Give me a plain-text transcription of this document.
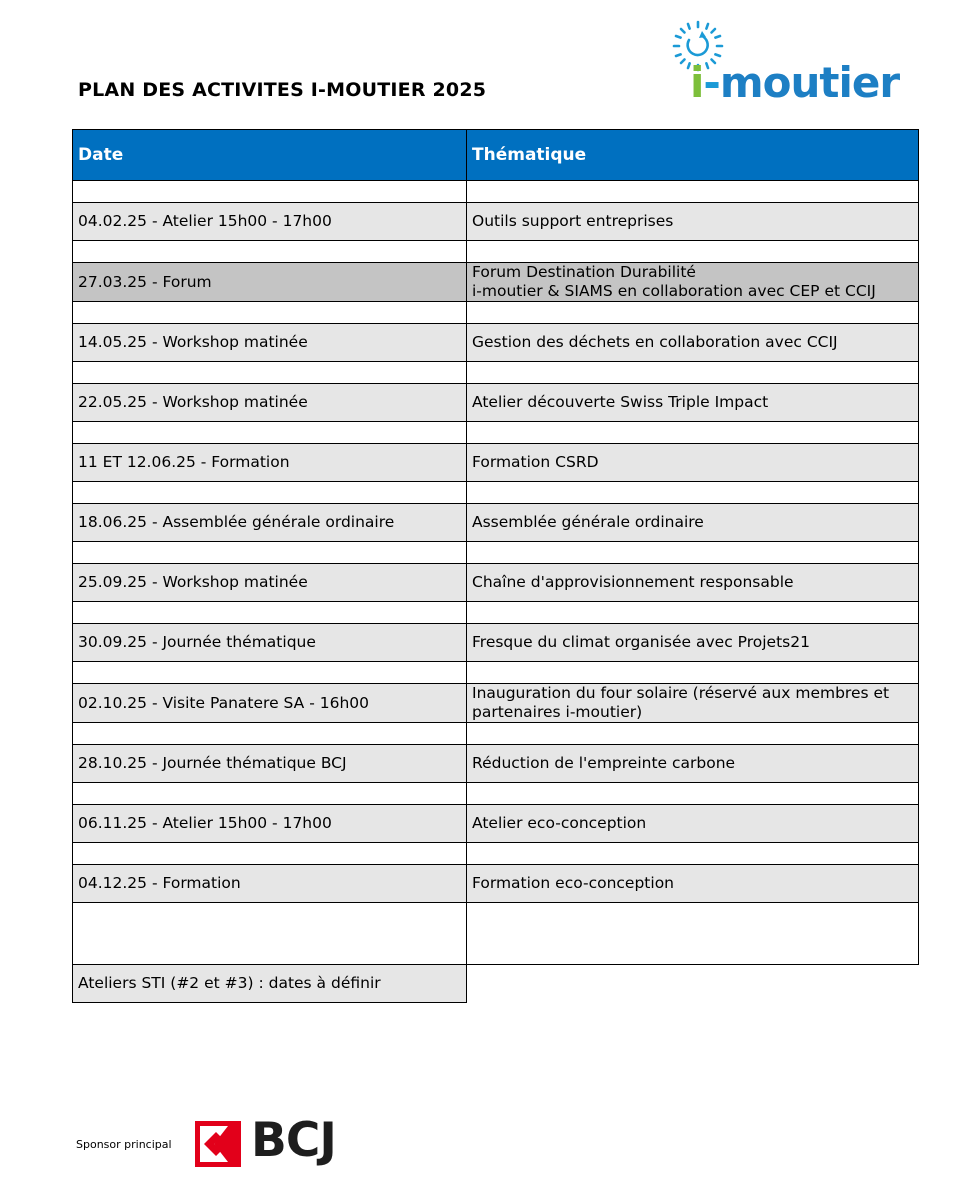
PLAN DES ACTIVITES I-MOUTIER 2025	i-moutier
Date	Thématique

04.02.25 - Atelier 15h00 - 17h00	Outils support entreprises

27.03.25 - Forum	Forum Destination Durabilité
i-moutier & SIAMS en collaboration avec CEP et CCIJ

14.05.25 - Workshop matinée	Gestion des déchets en collaboration avec CCIJ

22.05.25 - Workshop matinée	Atelier découverte Swiss Triple Impact

11 ET 12.06.25 - Formation	Formation CSRD

18.06.25 - Assemblée générale ordinaire	Assemblée générale ordinaire

25.09.25 - Workshop matinée	Chaîne d'approvisionnement responsable

30.09.25 - Journée thématique	Fresque du climat organisée avec Projets21

02.10.25 - Visite Panatere SA - 16h00	Inauguration du four solaire (réservé aux membres et
partenaires i-moutier)

28.10.25 - Journée thématique BCJ	Réduction de l'empreinte carbone

06.11.25 - Atelier 15h00 - 17h00	Atelier eco-conception

04.12.25 - Formation	Formation eco-conception

Ateliers STI (#2 et #3) : dates à définir	
Sponsor principal BCJ
